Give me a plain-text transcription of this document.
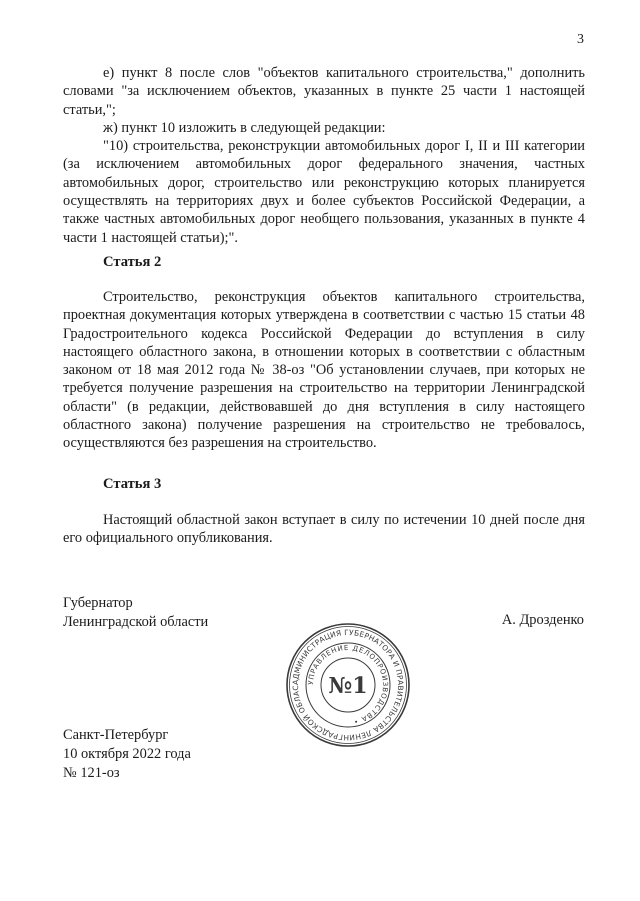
3

е) пункт 8 после слов "объектов капитального строительства," дополнить словами "за исключением объектов, указанных в пункте 25 части 1 настоящей статьи,";

ж) пункт 10 изложить в следующей редакции:

"10) строительства, реконструкции автомобильных дорог I, II и III категории (за исключением автомобильных дорог федерального значения, частных автомобильных дорог, строительство или реконструкцию которых планируется осуществлять на территориях двух и более субъектов Российской Федерации, а также частных автомобильных дорог необщего пользования, указанных в пункте 4 части 1 настоящей статьи);".

Статья 2

Строительство, реконструкция объектов капитального строительства, проектная документация которых утверждена в соответствии с частью 15 статьи 48 Градостроительного кодекса Российской Федерации до вступления в силу настоящего областного закона, в отношении которых в соответствии с областным законом от 18 мая 2012 года № 38-оз "Об установлении случаев, при которых не требуется получение разрешения на строительство на территории Ленинградской области" (в редакции, действовавшей до дня вступления в силу настоящего областного закона) получение разрешения на строительство не требовалось, осуществляются без разрешения на строительство.

Статья 3

Настоящий областной закон вступает в силу по истечении 10 дней после дня его официального опубликования.

Губернатор
Ленинградской области	А. Дрозденко
АДМИНИСТРАЦИЯ ГУБЕРНАТОРА И ПРАВИТЕЛЬСТВА ЛЕНИНГРАДСКОЙ ОБЛАС
УПРАВЛЕНИЕ ДЕЛОПРОИЗВОДСТВА •
№1
Санкт-Петербург
10 октября 2022 года
№ 121-оз
